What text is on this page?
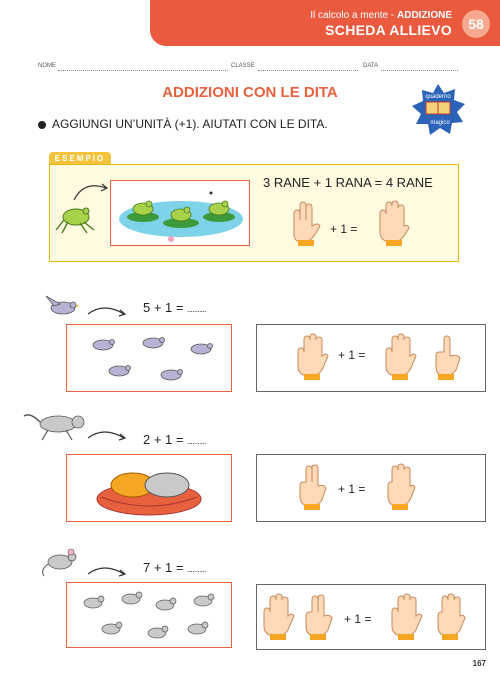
Il calcolo a mente - ADDIZIONE
SCHEDA ALLIEVO	58
NOME	CLASSE	DATA
ADDIZIONI CON LE DITA	quaderno
magico
AGGIUNGI UN’UNITÀ (+1). AIUTATI CON LE DITA.
ESEMPIO
3 RANE + 1 RANA = 4 RANE
+ 1 =
5 + 1 = ...........
+ 1 =
2 + 1 = ...........
+ 1 =
7 + 1 = ...........
+ 1 =
167
